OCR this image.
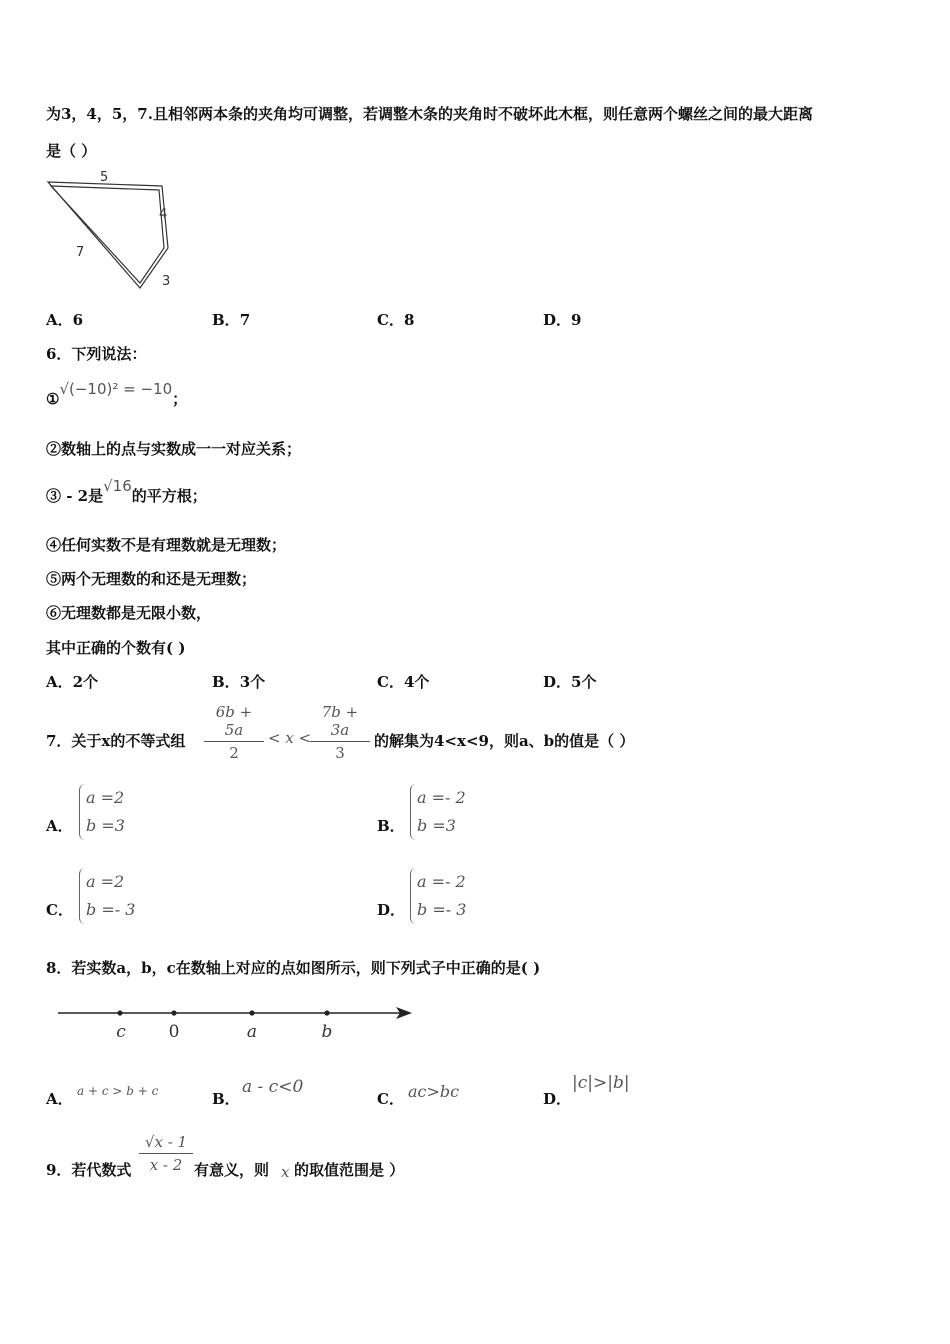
为3，4，5，7.且相邻两本条的夹角均可调整，若调整木条的夹角时不破坏此木框，则任意两个螺丝之间的最大距离
是（ ）
5
4
7
3
A．6	B．7	C．8	D．9
6．下列说法：
①√(−10)² = −10；
②数轴上的点与实数成一一对应关系；
③ - 2是√16的平方根；
④任何实数不是有理数就是无理数；
⑤两个无理数的和还是无理数；
⑥无理数都是无限小数，
其中正确的个数有( )
A．2个	B．3个	C．4个	D．5个
7．关于x的不等式组
6b + 5a
2
< x <
7b + 3a
3
的解集为4<x<9，则a、b的值是（ ）
A．
a =2
b =3	B．
a =- 2
b =3
C．
a =2
b =- 3	D．
a =- 2
b =- 3
8．若实数a，b，c在数轴上对应的点如图所示，则下列式子中正确的是( )
c	0	a	b
A． a + c > b + c	B．
a - c<0
C． ac>bc	D．
|c|>|b|
9．若代数式
√x - 1
x - 2 有意义，则 x 的取值范围是 ）
